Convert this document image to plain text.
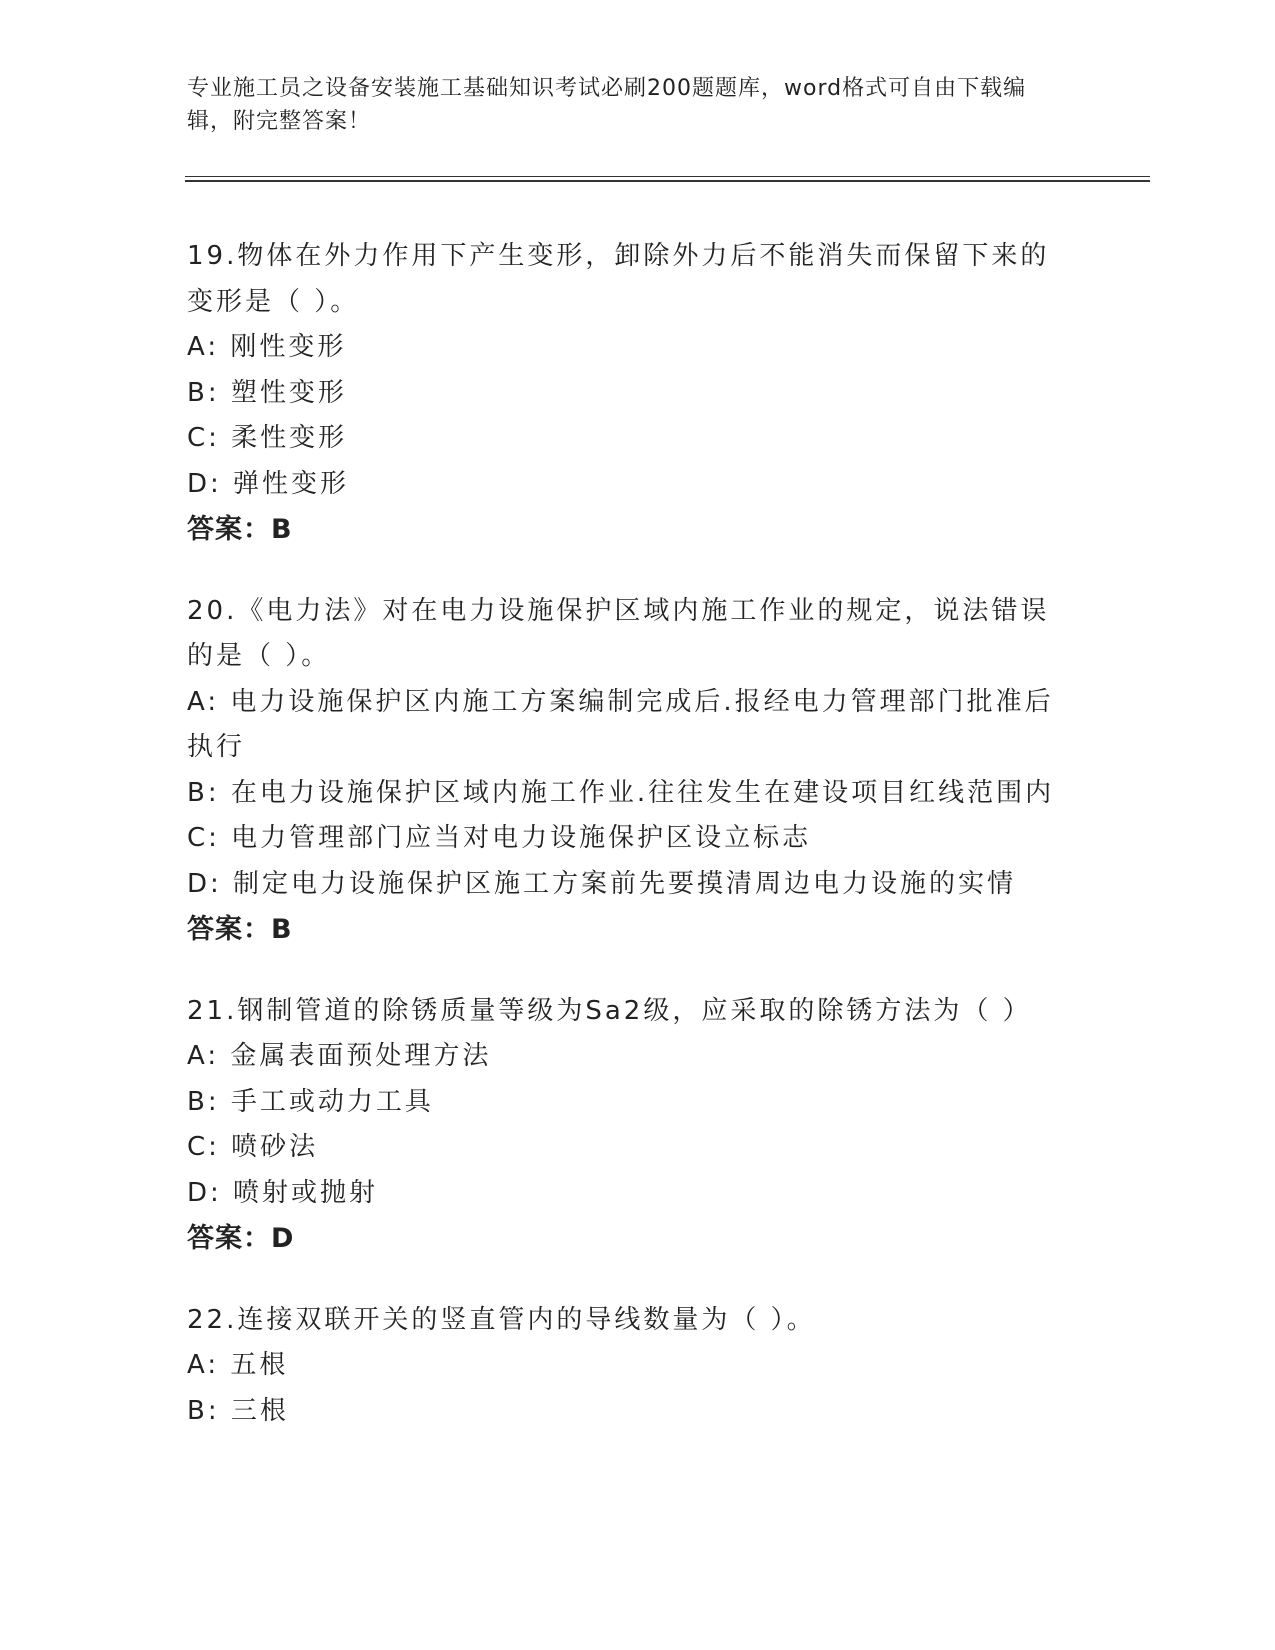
专业施工员之设备安装施工基础知识考试必刷200题题库，word格式可自由下载编辑，附完整答案！
19.物体在外力作用下产生变形，卸除外力后不能消失而保留下来的变形是（ ）。
A: 刚性变形
B: 塑性变形
C: 柔性变形
D: 弹性变形
答案：B
20.《电力法》对在电力设施保护区域内施工作业的规定，说法错误的是（ ）。
A: 电力设施保护区内施工方案编制完成后.报经电力管理部门批准后执行
B: 在电力设施保护区域内施工作业.往往发生在建设项目红线范围内
C: 电力管理部门应当对电力设施保护区设立标志
D: 制定电力设施保护区施工方案前先要摸清周边电力设施的实情
答案：B
21.钢制管道的除锈质量等级为Sa2级，应采取的除锈方法为（ ）
A: 金属表面预处理方法
B: 手工或动力工具
C: 喷砂法
D: 喷射或抛射
答案：D
22.连接双联开关的竖直管内的导线数量为（ ）。
A: 五根
B: 三根
